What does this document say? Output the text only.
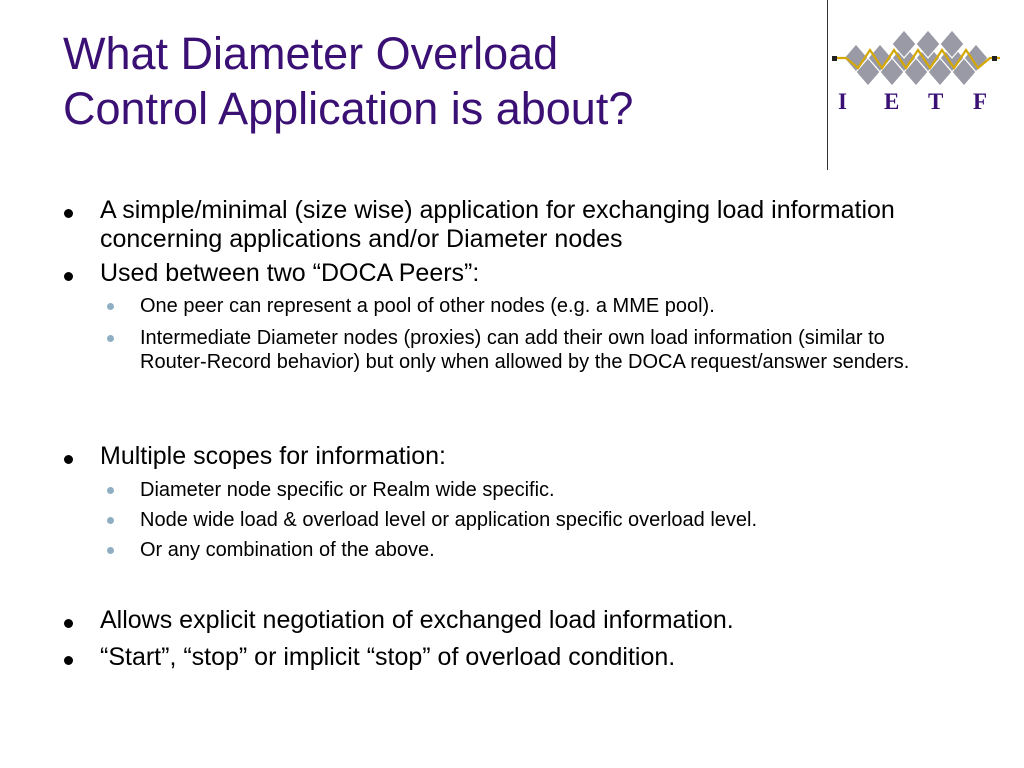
What Diameter Overload
Control Application is about?	I E T F

A simple/minimal (size wise) application for exchanging load information concerning applications and/or Diameter nodes

Used between two “DOCA Peers”:

One peer can represent a pool of other nodes (e.g. a MME pool).

Intermediate Diameter nodes (proxies) can add their own load information (similar to Router-Record behavior) but only when allowed by the DOCA request/answer senders.

Multiple scopes for information:

Diameter node specific or Realm wide specific.

Node wide load & overload level or application specific overload level.

Or any combination of the above.

Allows explicit negotiation of exchanged load information.

“Start”, “stop” or implicit “stop” of overload condition.
